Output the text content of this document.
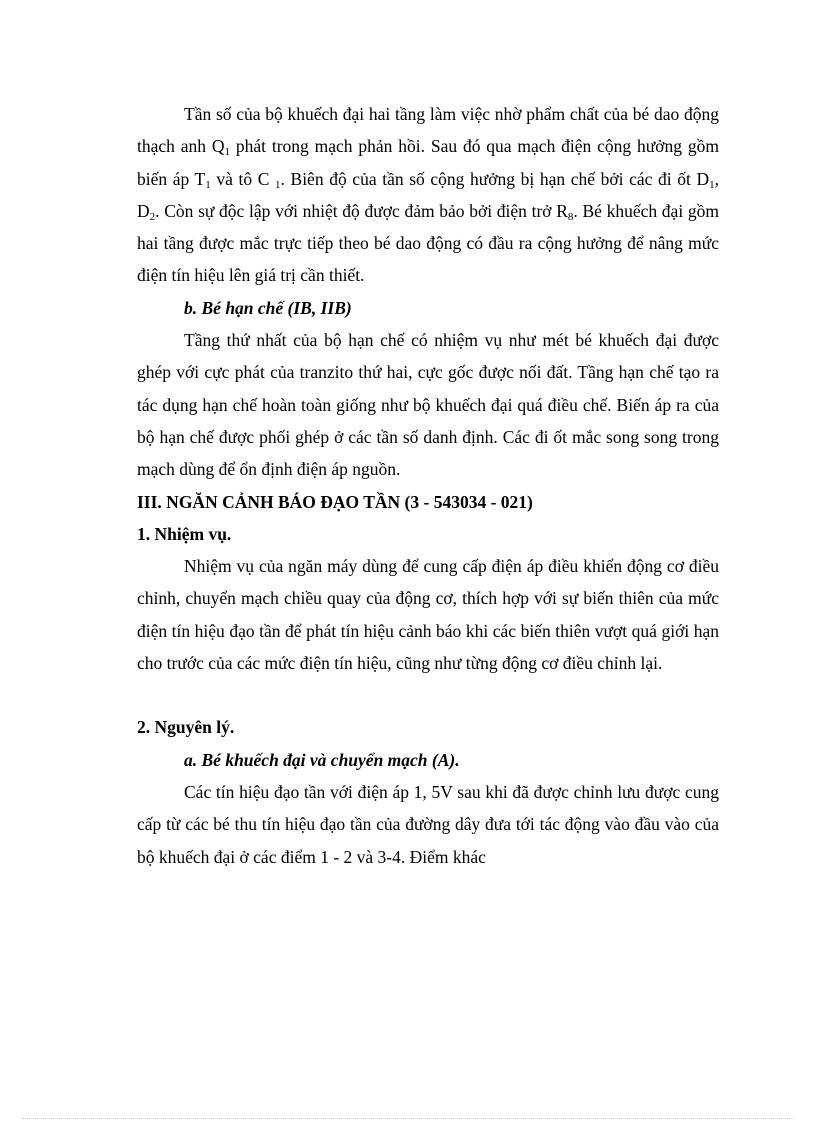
Tần số của bộ khuếch đại hai tầng làm việc nhờ phẩm chất của bé dao động thạch anh $Q_1$ phát trong mạch phản hồi. Sau đó qua mạch điện cộng hưởng gồm biến áp $T_1$ và tô C $_1$. Biên độ của tần số cộng hưởng bị hạn chế bởi các đi ốt $D_1$, $D_2$. Còn sự độc lập với nhiệt độ được đảm bảo bởi điện trở $R_8$. Bé khuếch đại gồm hai tầng được mắc trực tiếp theo bé dao động có đầu ra cộng hưởng để nâng mức điện tín hiệu lên giá trị cần thiết.

b. Bé hạn chế (IB, IIB)

Tầng thứ nhất của bộ hạn chế có nhiệm vụ như mét bé khuếch đại được ghép với cực phát của tranzito thứ hai, cực gốc được nối đất. Tầng hạn chế tạo ra tác dụng hạn chế hoàn toàn giống như bộ khuếch đại quá điều chế. Biến áp ra của bộ hạn chế được phối ghép ở các tần số danh định. Các đi ốt mắc song song trong mạch dùng để ổn định điện áp nguồn.

III. NGĂN CẢNH BÁO ĐẠO TẦN (3 - 543034 - 021)

1. Nhiệm vụ.

Nhiệm vụ của ngăn máy dùng để cung cấp điện áp điều khiển động cơ điều chỉnh, chuyển mạch chiều quay của động cơ, thích hợp với sự biến thiên của mức điện tín hiệu đạo tần để phát tín hiệu cảnh báo khi các biến thiên vượt quá giới hạn cho trước của các mức điện tín hiệu, cũng như từng động cơ điều chỉnh lại.

2. Nguyên lý.

a. Bé khuếch đại và chuyển mạch (A).

Các tín hiệu đạo tần với điện áp 1, 5V sau khi đã được chỉnh lưu được cung cấp từ các bé thu tín hiệu đạo tần của đường dây đưa tới tác động vào đầu vào của bộ khuếch đại ở các điểm 1 - 2 và 3-4. Điểm khác
